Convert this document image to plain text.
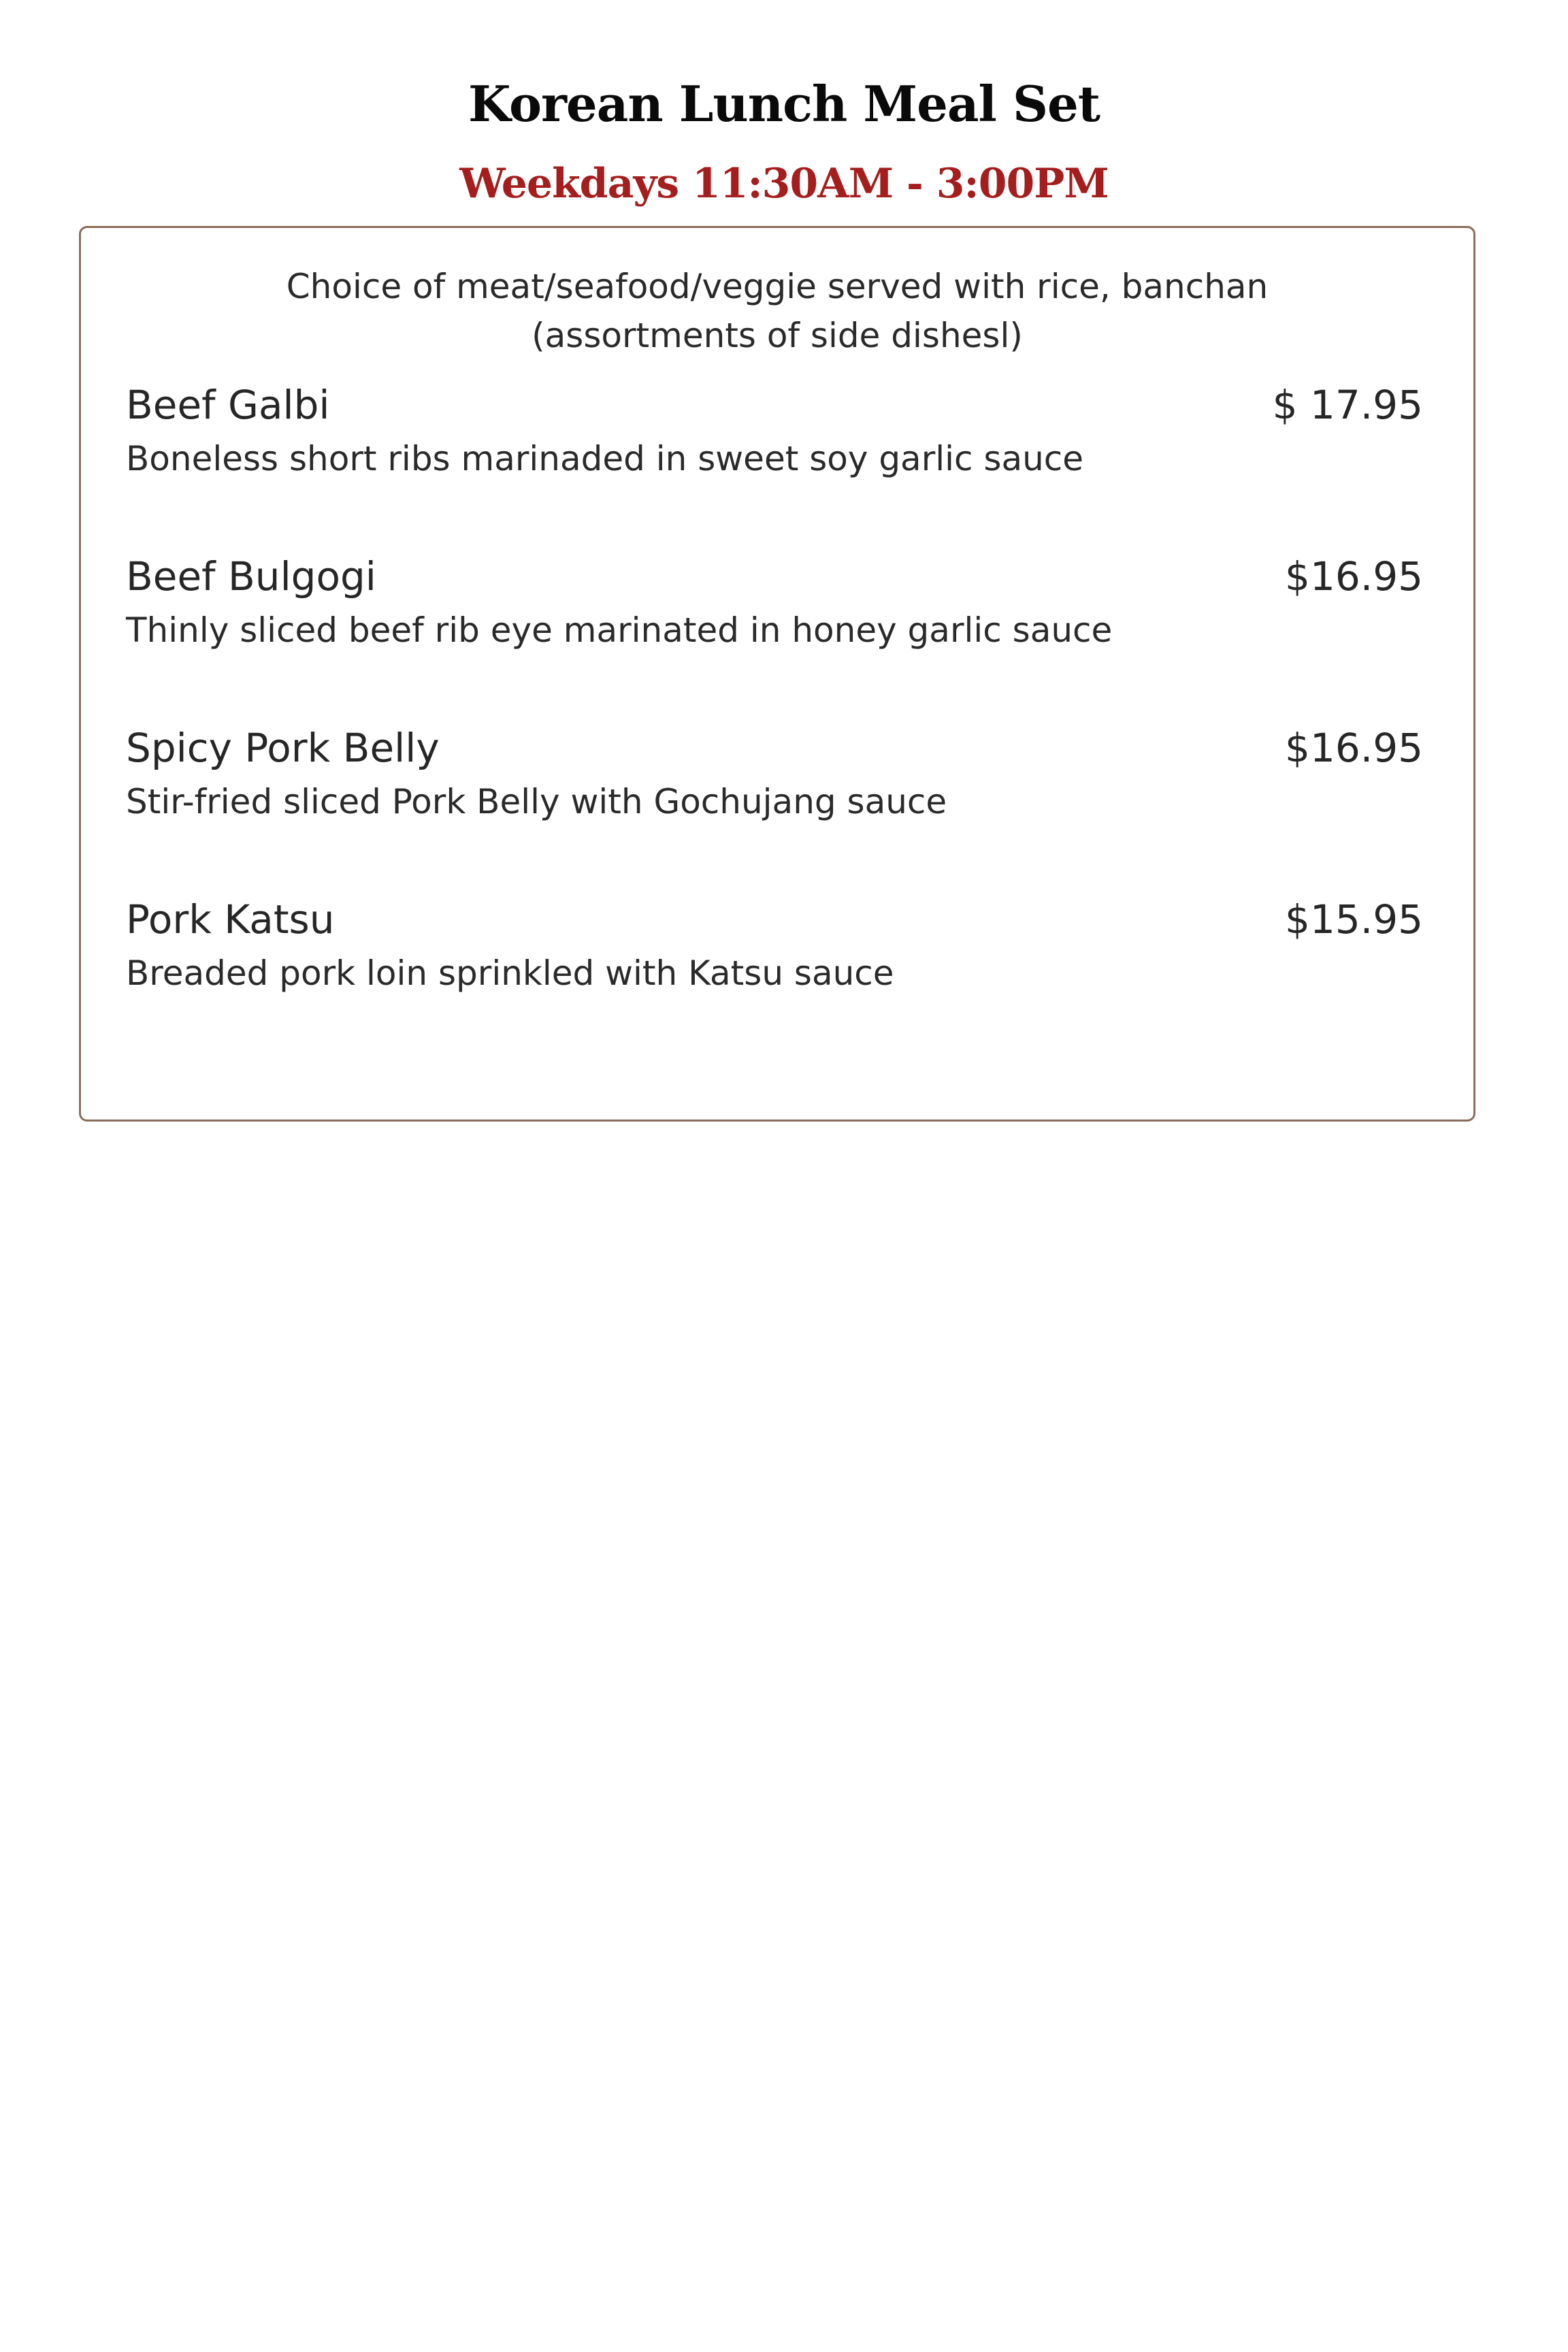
Korean Lunch Meal Set
Weekdays 11:30AM - 3:00PM
Choice of meat/seafood/veggie served with rice, banchan
(assortments of side dishesl)
Beef Galbi	$ 17.95
Boneless short ribs marinaded in sweet soy garlic sauce
Beef Bulgogi	$16.95
Thinly sliced beef rib eye marinated in honey garlic sauce
Spicy Pork Belly	$16.95
Stir-fried sliced Pork Belly with Gochujang sauce
Pork Katsu	$15.95
Breaded pork loin sprinkled with Katsu sauce
